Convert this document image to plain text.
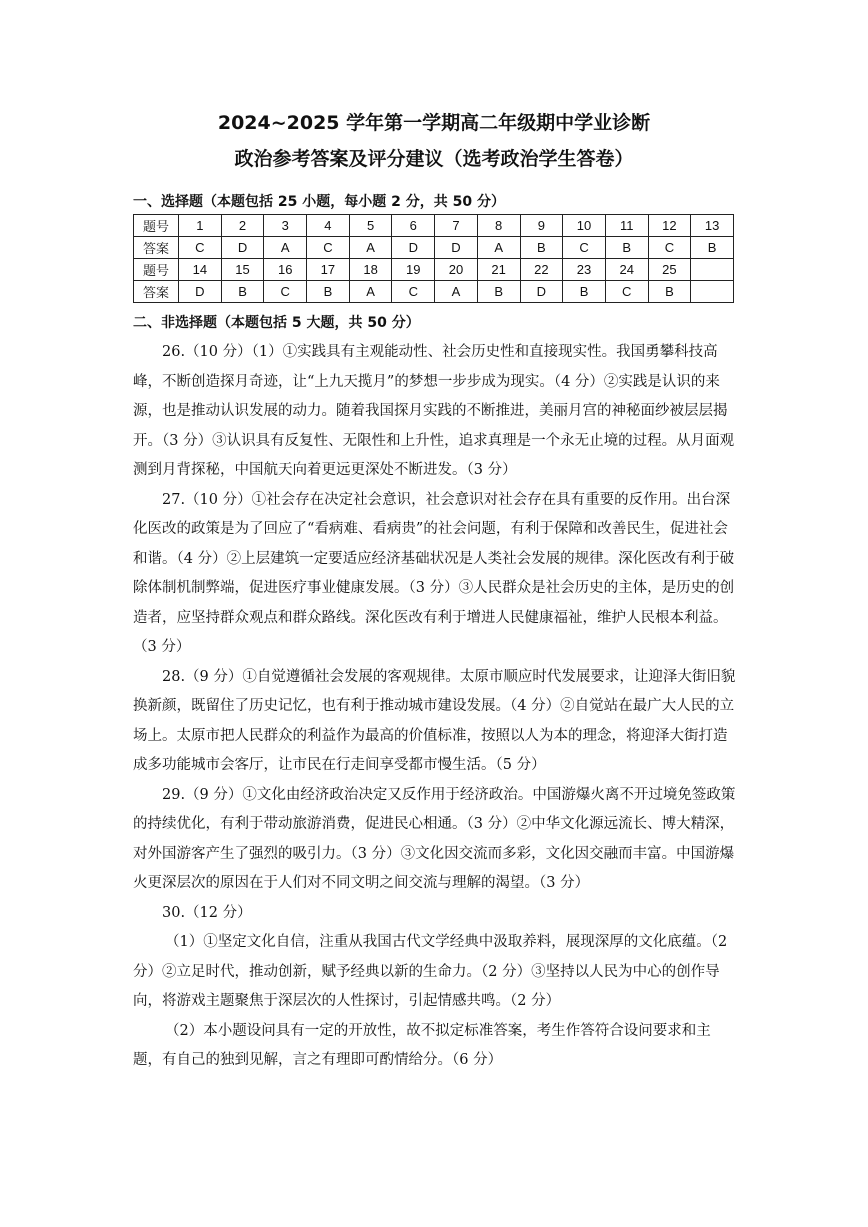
2024~2025 学年第一学期高二年级期中学业诊断
政治参考答案及评分建议（选考政治学生答卷）
一、选择题（本题包括 25 小题，每小题 2 分，共 50 分）
题号	1	2	3	4	5	6	7	8	9	10	11	12	13
答案	C	D	A	C	A	D	D	A	B	C	B	C	B
题号	14	15	16	17	18	19	20	21	22	23	24	25	
答案	D	B	C	B	A	C	A	B	D	B	C	B	
二、非选择题（本题包括 5 大题，共 50 分）

26.（10 分）（1）①实践具有主观能动性、社会历史性和直接现实性。我国勇攀科技高峰，不断创造探月奇迹，让“上九天揽月”的梦想一步步成为现实。（4 分）②实践是认识的来源，也是推动认识发展的动力。随着我国探月实践的不断推进，美丽月宫的神秘面纱被层层揭开。（3 分）③认识具有反复性、无限性和上升性，追求真理是一个永无止境的过程。从月面观测到月背探秘，中国航天向着更远更深处不断进发。（3 分）

27.（10 分）①社会存在决定社会意识，社会意识对社会存在具有重要的反作用。出台深化医改的政策是为了回应了“看病难、看病贵”的社会问题，有利于保障和改善民生，促进社会和谐。（4 分）②上层建筑一定要适应经济基础状况是人类社会发展的规律。深化医改有利于破除体制机制弊端，促进医疗事业健康发展。（3 分）③人民群众是社会历史的主体，是历史的创造者，应坚持群众观点和群众路线。深化医改有利于增进人民健康福祉，维护人民根本利益。（3 分）

28.（9 分）①自觉遵循社会发展的客观规律。太原市顺应时代发展要求，让迎泽大街旧貌换新颜，既留住了历史记忆，也有利于推动城市建设发展。（4 分）②自觉站在最广大人民的立场上。太原市把人民群众的利益作为最高的价值标准，按照以人为本的理念，将迎泽大街打造成多功能城市会客厅，让市民在行走间享受都市慢生活。（5 分）

29.（9 分）①文化由经济政治决定又反作用于经济政治。中国游爆火离不开过境免签政策的持续优化，有利于带动旅游消费，促进民心相通。（3 分）②中华文化源远流长、博大精深，对外国游客产生了强烈的吸引力。（3 分）③文化因交流而多彩，文化因交融而丰富。中国游爆火更深层次的原因在于人们对不同文明之间交流与理解的渴望。（3 分）

30.（12 分）

（1）①坚定文化自信，注重从我国古代文学经典中汲取养料，展现深厚的文化底蕴。（2 分）②立足时代，推动创新，赋予经典以新的生命力。（2 分）③坚持以人民为中心的创作导向，将游戏主题聚焦于深层次的人性探讨，引起情感共鸣。（2 分）

（2）本小题设问具有一定的开放性，故不拟定标准答案，考生作答符合设问要求和主题，有自己的独到见解，言之有理即可酌情给分。（6 分）
